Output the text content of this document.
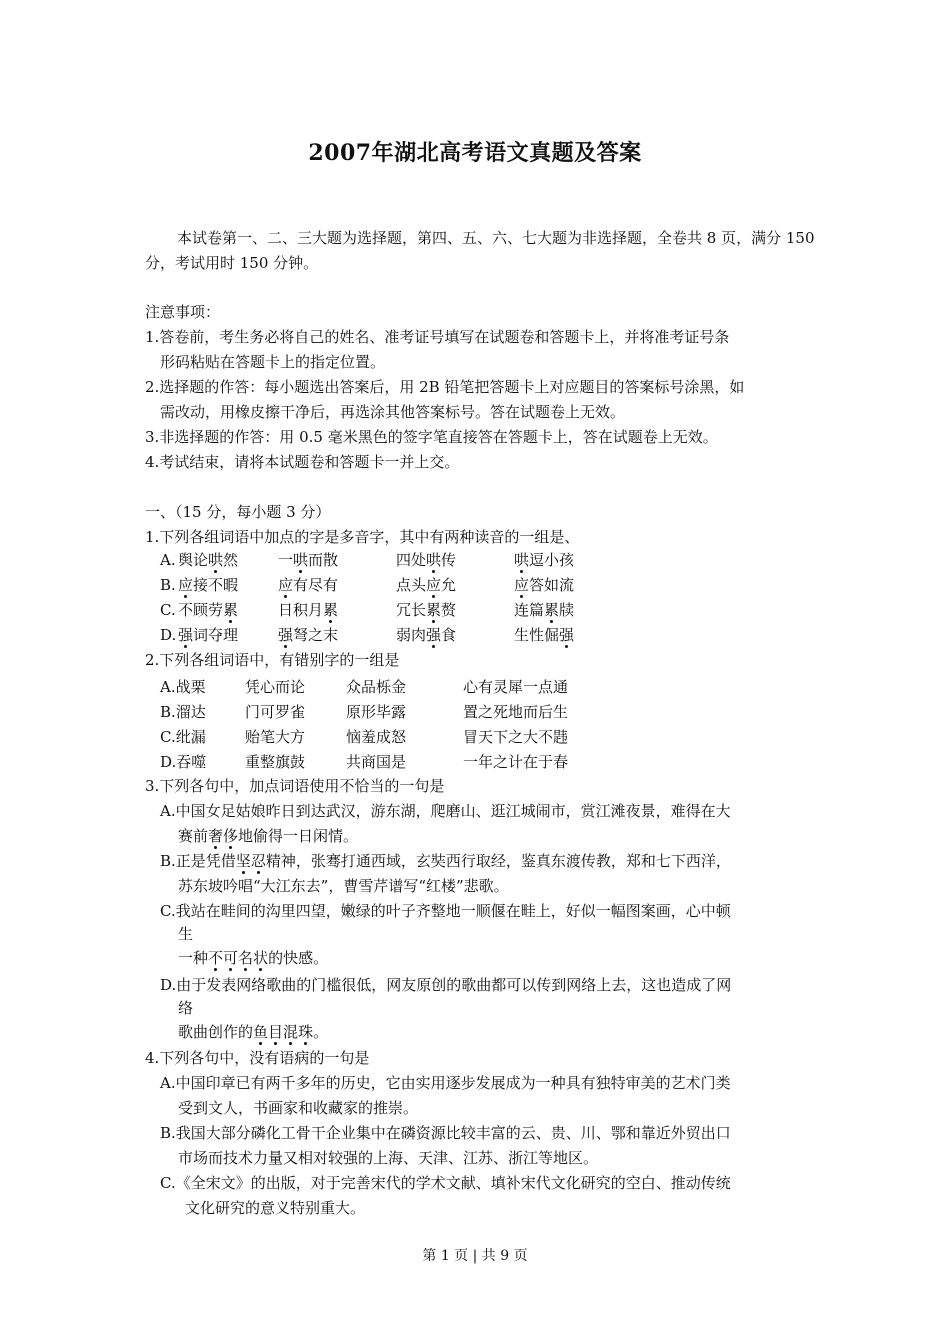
2007年湖北高考语文真题及答案
本试卷第一、二、三大题为选择题，第四、五、六、七大题为非选择题，全卷共 8 页，满分 150 分，考试用时 150 分钟。
注意事项：
1.答卷前，考生务必将自己的姓名、准考证号填写在试题卷和答题卡上，并将准考证号条
形码粘贴在答题卡上的指定位置。
2.选择题的作答：每小题选出答案后，用 2B 铅笔把答题卡上对应题目的答案标号涂黑，如
需改动，用橡皮擦干净后，再选涂其他答案标号。答在试题卷上无效。
3.非选择题的作答：用 0.5 毫米黑色的签字笔直接答在答题卡上，答在试题卷上无效。
4.考试结束，请将本试题卷和答题卡一并上交。
一、（15 分，每小题 3 分）
1.下列各组词语中加点的字是多音字，其中有两种读音的一组是、
A. 舆论哄然	一哄而散	四处哄传	哄逗小孩
B. 应接不暇	应有尽有	点头应允	应答如流
C. 不顾劳累	日积月累	冗长累赘	连篇累牍
D. 强词夺理	强弩之末	弱肉强食	生性倔强
2.下列各组词语中，有错别字的一组是
A.战栗	凭心而论	众品栎金	心有灵犀一点通
B.溜达	门可罗雀	原形毕露	置之死地而后生
C.纰漏	贻笔大方	恼羞成怒	冒天下之大不韪
D.吞噬	重整旗鼓	共商国是	一年之计在于春
3.下列各句中，加点词语使用不恰当的一句是
A.中国女足姑娘昨日到达武汉，游东湖，爬磨山、逛江城闹市，赏江滩夜景，难得在大
赛前奢侈地偷得一日闲情。
B.正是凭借坚忍精神，张骞打通西域，玄奘西行取经，鉴真东渡传教，郑和七下西洋，
苏东坡吟唱“大江东去”，曹雪芹谱写“红楼”悲歌。
C.我站在畦间的沟里四望，嫩绿的叶子齐整地一顺偃在畦上，好似一幅图案画，心中顿
生
一种不可名状的快感。
D.由于发表网络歌曲的门槛很低，网友原创的歌曲都可以传到网络上去，这也造成了网
络
歌曲创作的鱼目混珠。
4.下列各句中，没有语病的一句是
A.中国印章已有两千多年的历史，它由实用逐步发展成为一种具有独特审美的艺术门类
受到文人，书画家和收藏家的推崇。
B.我国大部分磷化工骨干企业集中在磷资源比较丰富的云、贵、川、鄂和靠近外贸出口
市场而技术力量又相对较强的上海、天津、江苏、浙江等地区。
C.《全宋文》的出版，对于完善宋代的学术文献、填补宋代文化研究的空白、推动传统
文化研究的意义特别重大。
第 1 页 | 共 9 页
